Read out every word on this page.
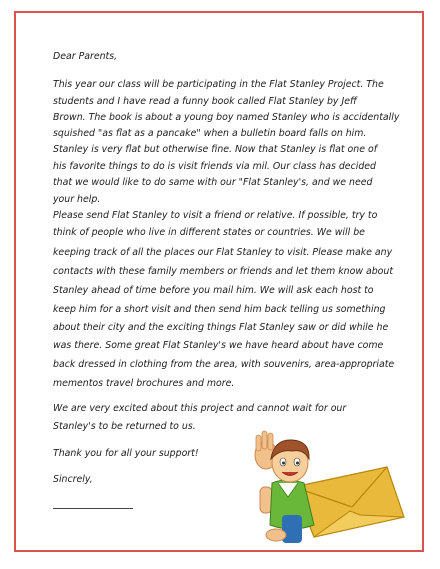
Dear Parents,
This year our class will be participating in the Flat Stanley Project. The
students and I have read a funny book called Flat Stanley by Jeff
Brown. The book is about a young boy named Stanley who is accidentally
squished "as flat as a pancake" when a bulletin board falls on him.
Stanley is very flat but otherwise fine. Now that Stanley is flat one of
his favorite things to do is visit friends via mil. Our class has decided
that we would like to do same with our "Flat Stanley's, and we need
your help.
Please send Flat Stanley to visit a friend or relative. If possible, try to
think of people who live in different states or countries. We will be
keeping track of all the places our Flat Stanley to visit. Please make any
contacts with these family members or friends and let them know about
Stanley ahead of time before you mail him. We will ask each host to
keep him for a short visit and then send him back telling us something
about their city and the exciting things Flat Stanley saw or did while he
was there. Some great Flat Stanley's we have heard about have come
back dressed in clothing from the area, with souvenirs, area-appropriate
mementos travel brochures and more.
We are very excited about this project and cannot wait for our
Stanley's to be returned to us.
Thank you for all your support!
Sincrely,
